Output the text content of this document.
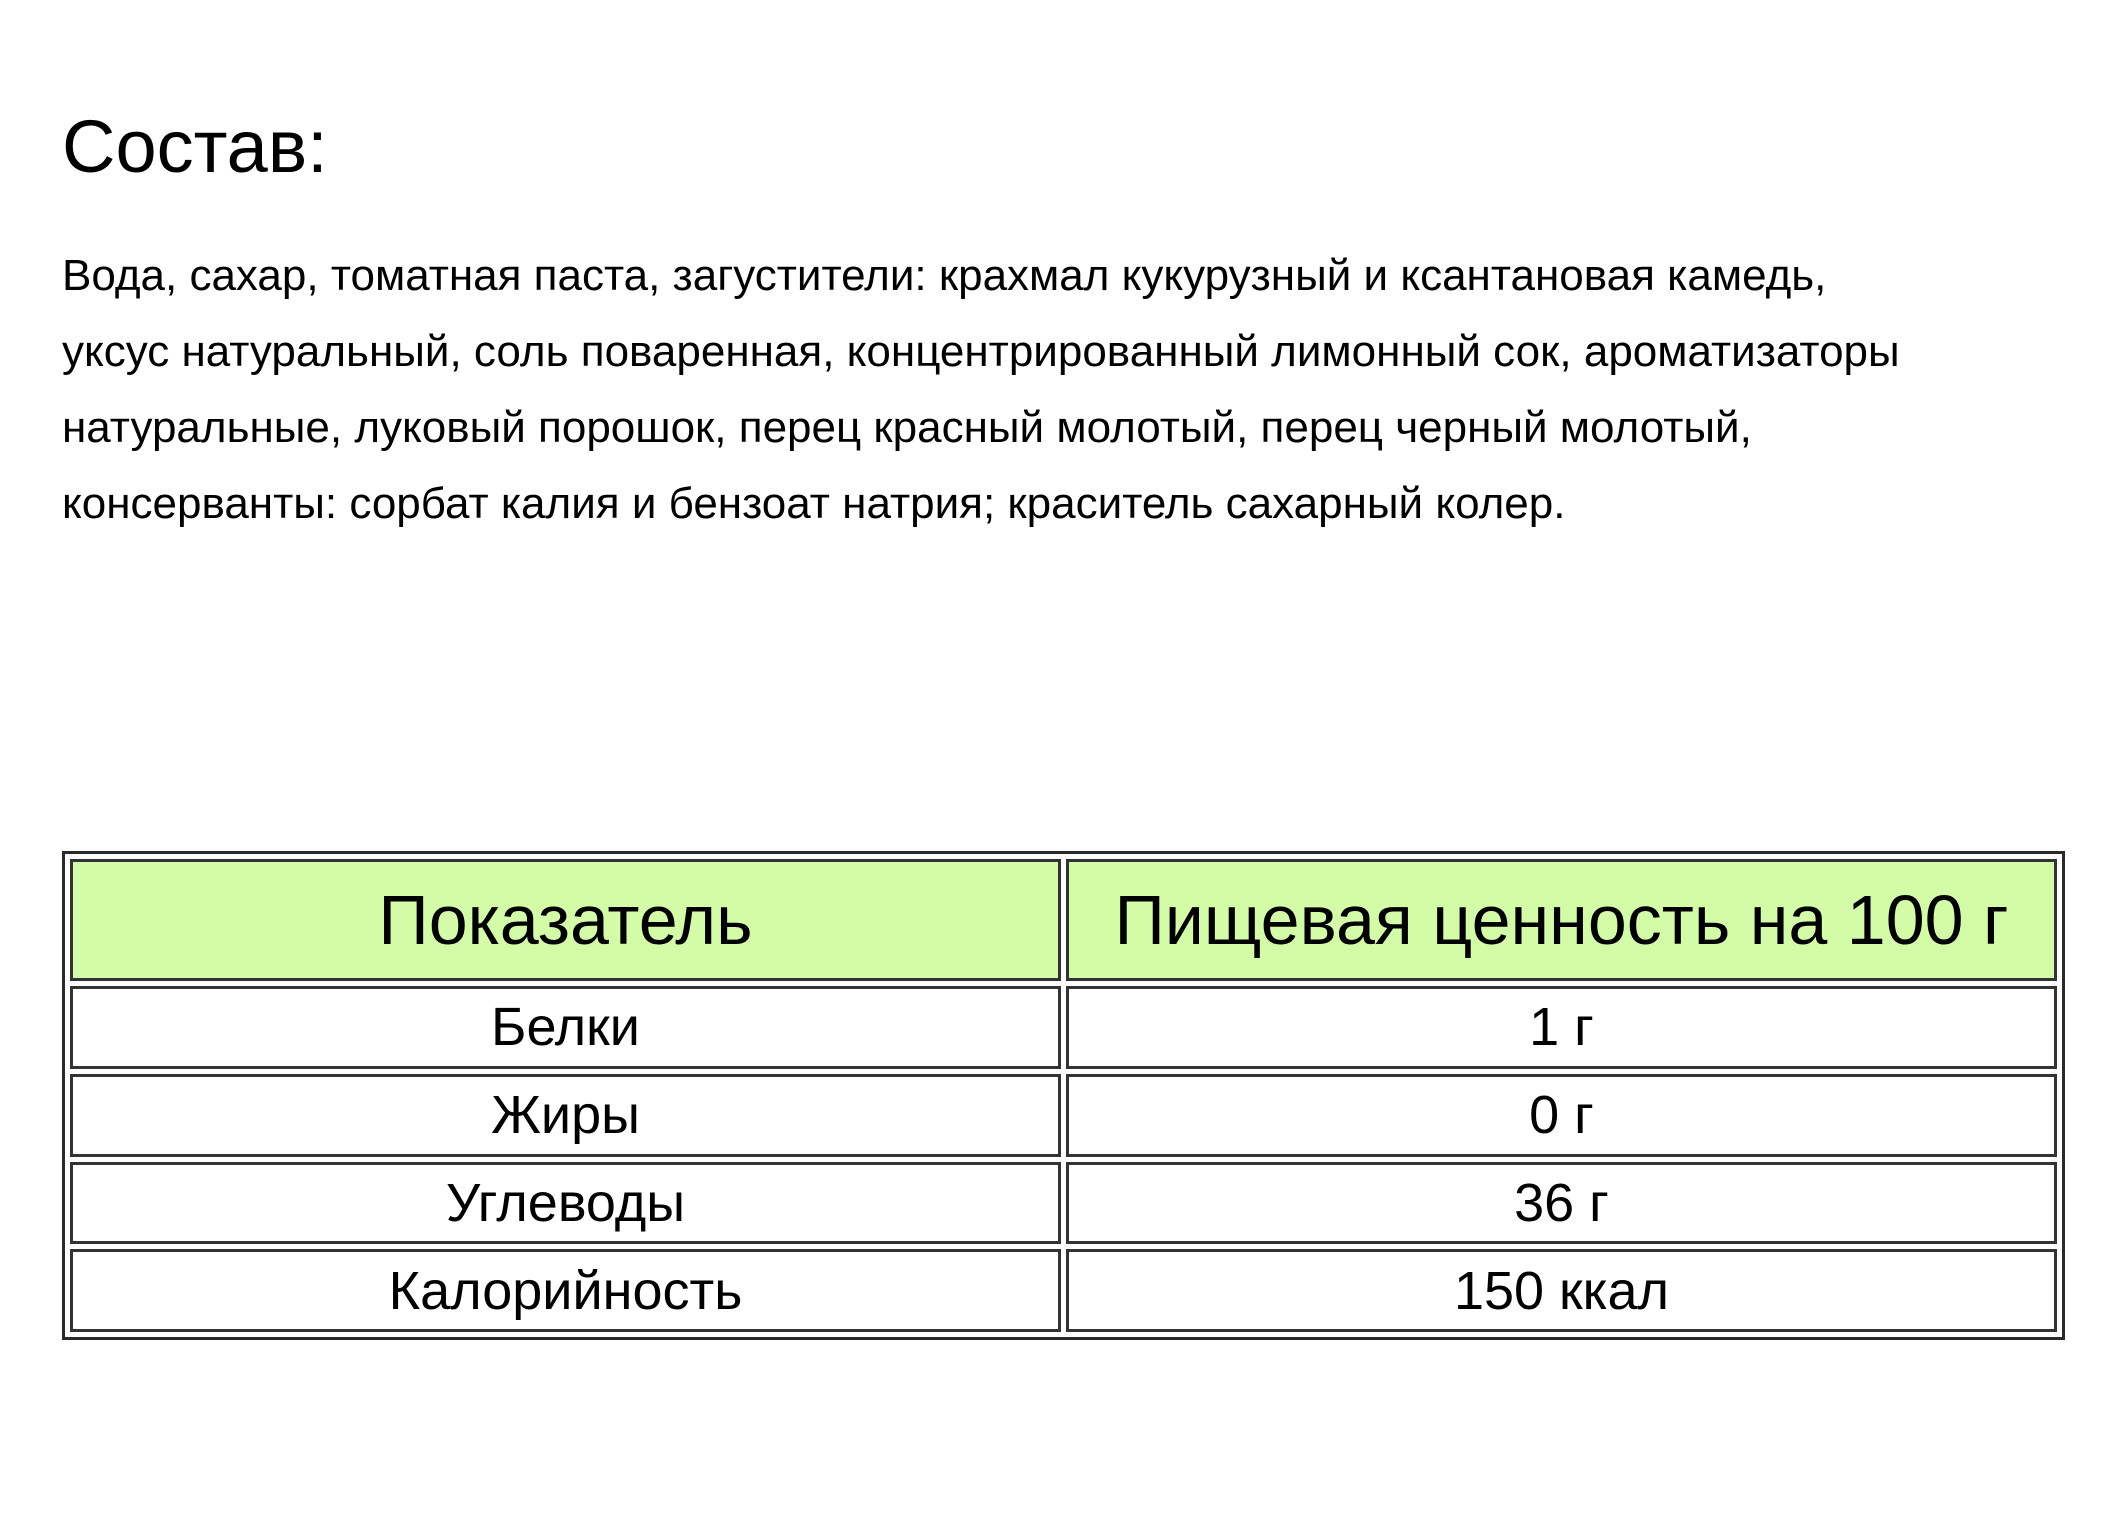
Состав:
Вода, сахар, томатная паста, загустители: крахмал кукурузный и ксантановая камедь,
уксус натуральный, соль поваренная, концентрированный лимонный сок, ароматизаторы
натуральные, луковый порошок, перец красный молотый, перец черный молотый,
консерванты: сорбат калия и бензоат натрия; краситель сахарный колер.
Показатель	Пищевая ценность на 100 г
Белки	1 г
Жиры	0 г
Углеводы	36 г
Калорийность	150 ккал
